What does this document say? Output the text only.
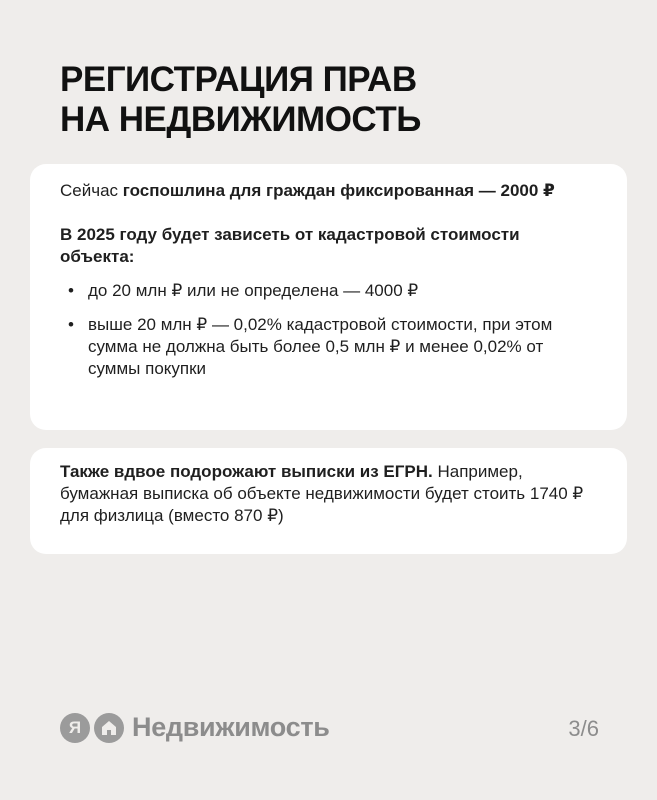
РЕГИСТРАЦИЯ ПРАВ
НА НЕДВИЖИМОСТЬ

Сейчас госпошлина для граждан фиксированная — 2000 ₽

В 2025 году будет зависеть от кадастровой стоимости объекта:

• до 20 млн ₽ или не определена — 4000 ₽
• выше 20 млн ₽ — 0,02% кадастровой стоимости, при этом сумма не должна быть более 0,5 млн ₽ и менее 0,02% от суммы покупки

Также вдвое подорожают выписки из ЕГРН. Например, бумажная выписка об объекте недвижимости будет стоить 1740 ₽ для физлица (вместо 870 ₽)

Я Недвижимость	3/6
